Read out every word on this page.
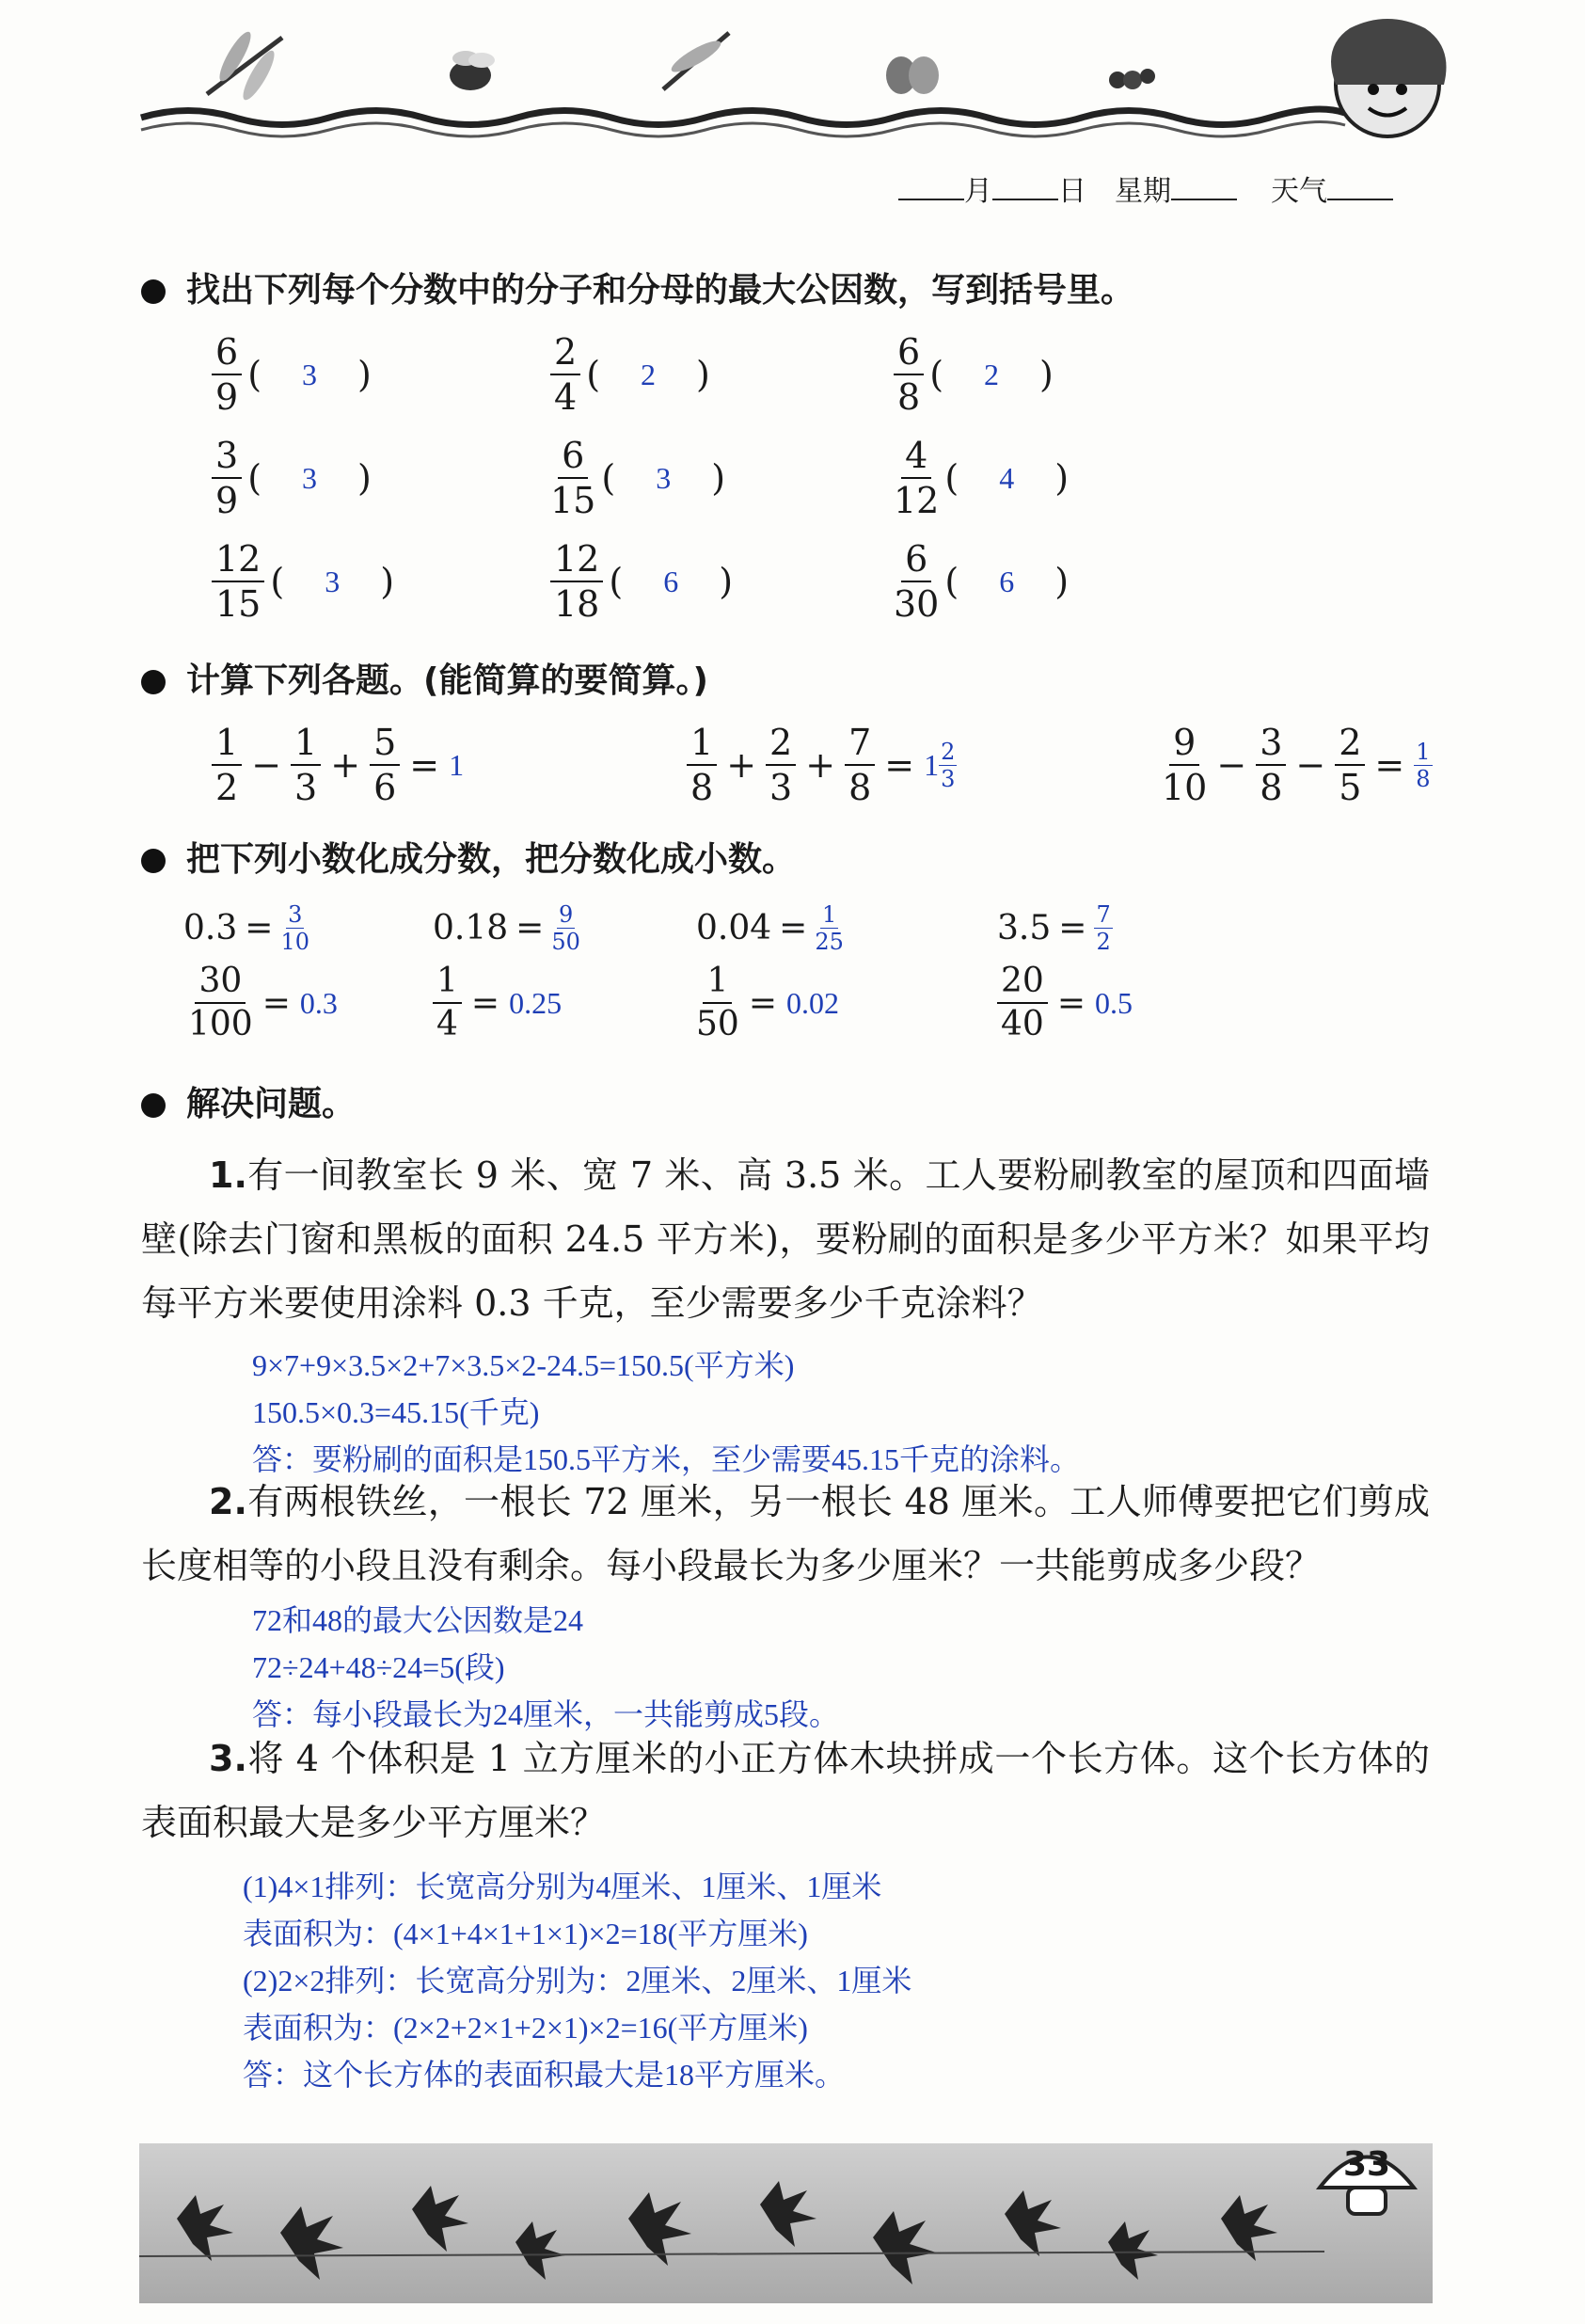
月 日 星期	天气
找出下列每个分数中的分子和分母的最大公因数，写到括号里。
$\frac{6}{9}$ (	3	)	$\frac{2}{4}$ (	2	)	$\frac{6}{8}$ (	2	)
$\frac{3}{9}$ (	3	)	$\frac{6}{15}$ (	3	)	$\frac{4}{12}$ (	4	)
$\frac{12}{15}$ (	3	)	$\frac{12}{18}$ (	6	)	$\frac{6}{30}$ (	6	)
计算下列各题。(能简算的要简算。)
$\frac{1}{2} - \frac{1}{3} + \frac{5}{6} = 1$	$\frac{1}{8} + \frac{2}{3} + \frac{7}{8} = 1$ 2
3	$\frac{9}{10} - \frac{3}{8} - \frac{2}{5} = \frac{1}{8}$
把下列小数化成分数，把分数化成小数。
$0.3 = \frac{3}{10}$	$0.18 = \frac{9}{50}$	$0.04 = \frac{1}{25}$	$3.5 = \frac{7}{2}$
$\frac{30}{100} = 0.3$	$\frac{1}{4} = 0.25$	$\frac{1}{50} = 0.02$	$\frac{20}{40} = 0.5$
解决问题。
1.有一间教室长 9 米、宽 7 米、高 3.5 米。工人要粉刷教室的屋顶和四面墙壁(除去门窗和黑板的面积 24.5 平方米)，要粉刷的面积是多少平方米？如果平均每平方米要使用涂料 0.3 千克，至少需要多少千克涂料？
9×7+9×3.5×2+7×3.5×2-24.5=150.5(平方米)
150.5×0.3=45.15(千克)
答：要粉刷的面积是150.5平方米，至少需要45.15千克的涂料。
2.有两根铁丝，一根长 72 厘米，另一根长 48 厘米。工人师傅要把它们剪成长度相等的小段且没有剩余。每小段最长为多少厘米？一共能剪成多少段？
72和48的最大公因数是24
72÷24+48÷24=5(段)
答：每小段最长为24厘米，一共能剪成5段。
3.将 4 个体积是 1 立方厘米的小正方体木块拼成一个长方体。这个长方体的表面积最大是多少平方厘米？
(1)4×1排列：长宽高分别为4厘米、1厘米、1厘米
表面积为：(4×1+4×1+1×1)×2=18(平方厘米)
(2)2×2排列：长宽高分别为：2厘米、2厘米、1厘米
表面积为：(2×2+2×1+2×1)×2=16(平方厘米)
答：这个长方体的表面积最大是18平方厘米。
33
